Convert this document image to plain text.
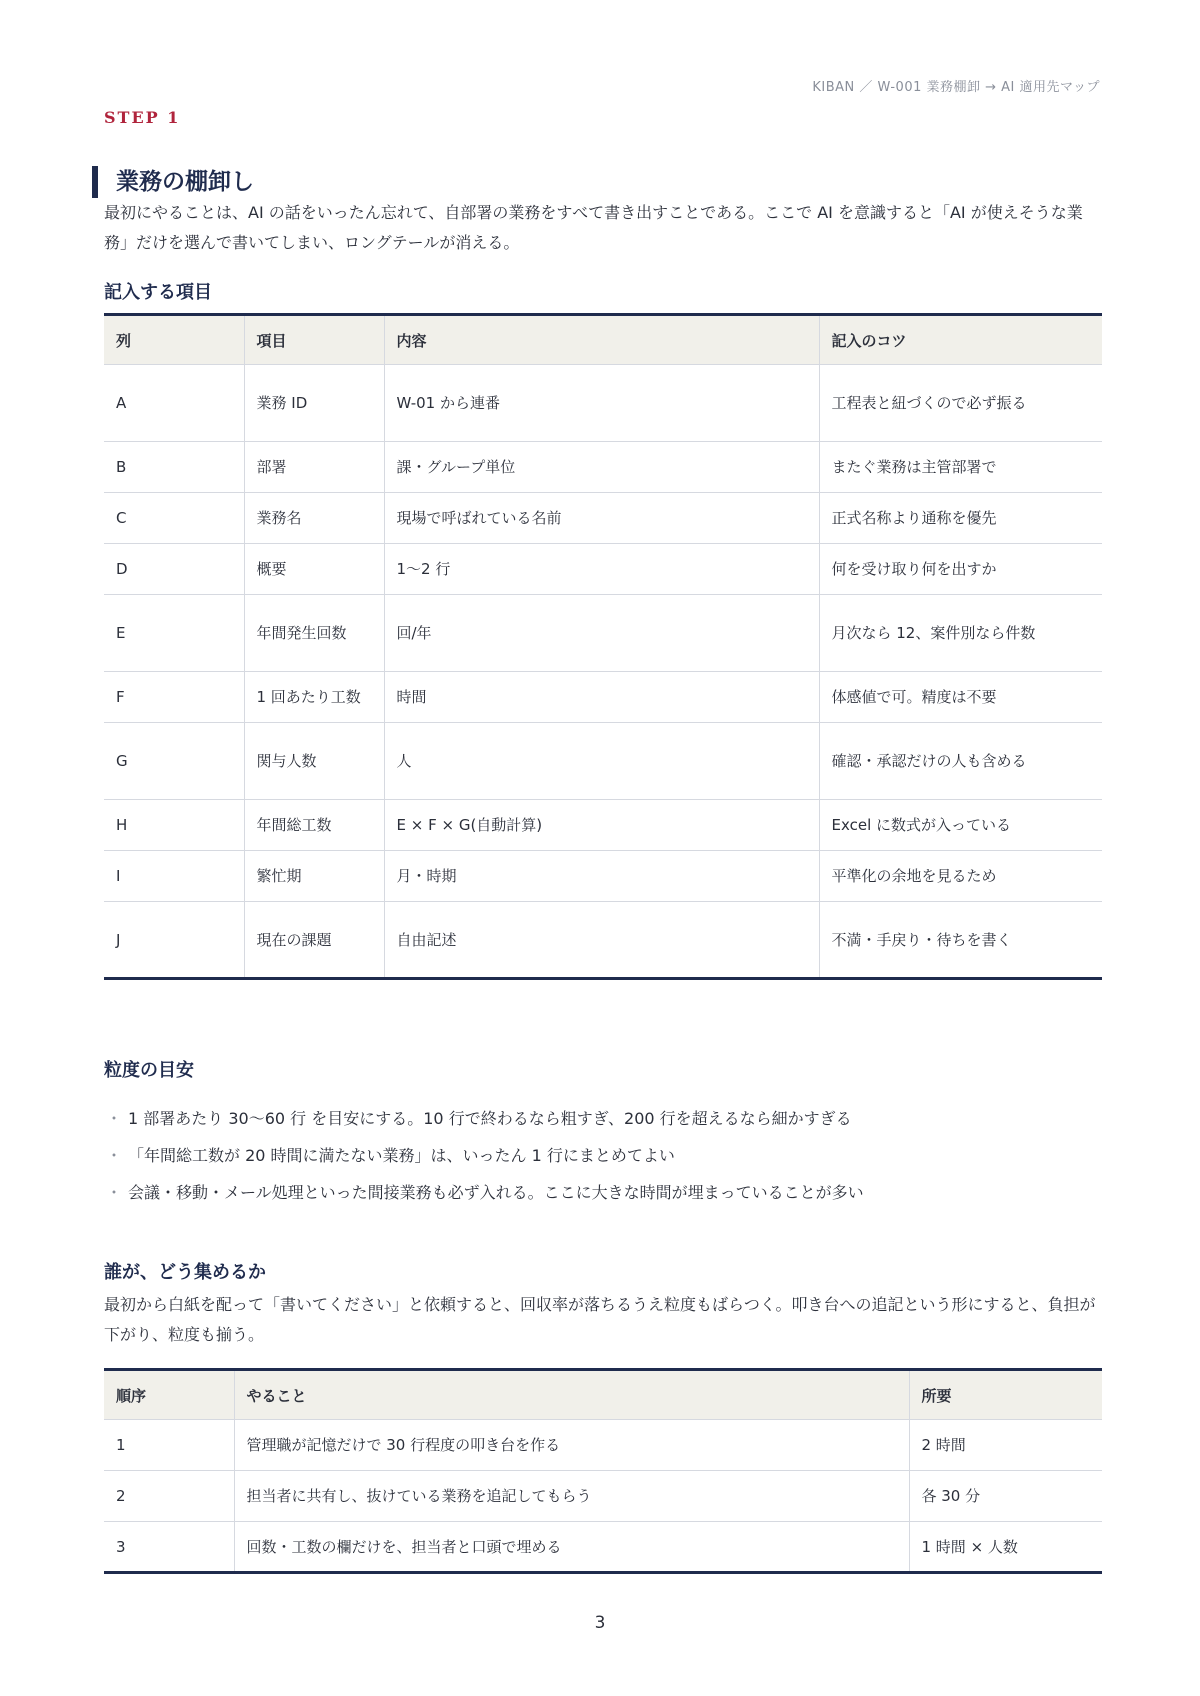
KIBAN ／ W-001 業務棚卸 → AI 適用先マップ
STEP 1
業務の棚卸し

最初にやることは、AI の話をいったん忘れて、自部署の業務をすべて書き出すことである。ここで AI を意識すると「AI が使えそうな業務」だけを選んで書いてしまい、ロングテールが消える。

記入する項目
列	項目	内容	記入のコツ
A	業務 ID	W-01 から連番	工程表と紐づくので必ず振る
B	部署	課・グループ単位	またぐ業務は主管部署で
C	業務名	現場で呼ばれている名前	正式名称より通称を優先
D	概要	1〜2 行	何を受け取り何を出すか
E	年間発生回数	回/年	月次なら 12、案件別なら件数
F	1 回あたり工数	時間	体感値で可。精度は不要
G	関与人数	人	確認・承認だけの人も含める
H	年間総工数	E × F × G(自動計算)	Excel に数式が入っている
I	繁忙期	月・時期	平準化の余地を見るため
J	現在の課題	自由記述	不満・手戻り・待ちを書く
粒度の目安
・ 1 部署あたり 30〜60 行 を目安にする。10 行で終わるなら粗すぎ、200 行を超えるなら細かすぎる
・ 「年間総工数が 20 時間に満たない業務」は、いったん 1 行にまとめてよい
・ 会議・移動・メール処理といった間接業務も必ず入れる。ここに大きな時間が埋まっていることが多い
誰が、どう集めるか

最初から白紙を配って「書いてください」と依頼すると、回収率が落ちるうえ粒度もばらつく。叩き台への追記という形にすると、負担が下がり、粒度も揃う。

順序	やること	所要
1	管理職が記憶だけで 30 行程度の叩き台を作る	2 時間
2	担当者に共有し、抜けている業務を追記してもらう	各 30 分
3	回数・工数の欄だけを、担当者と口頭で埋める	1 時間 × 人数
3
